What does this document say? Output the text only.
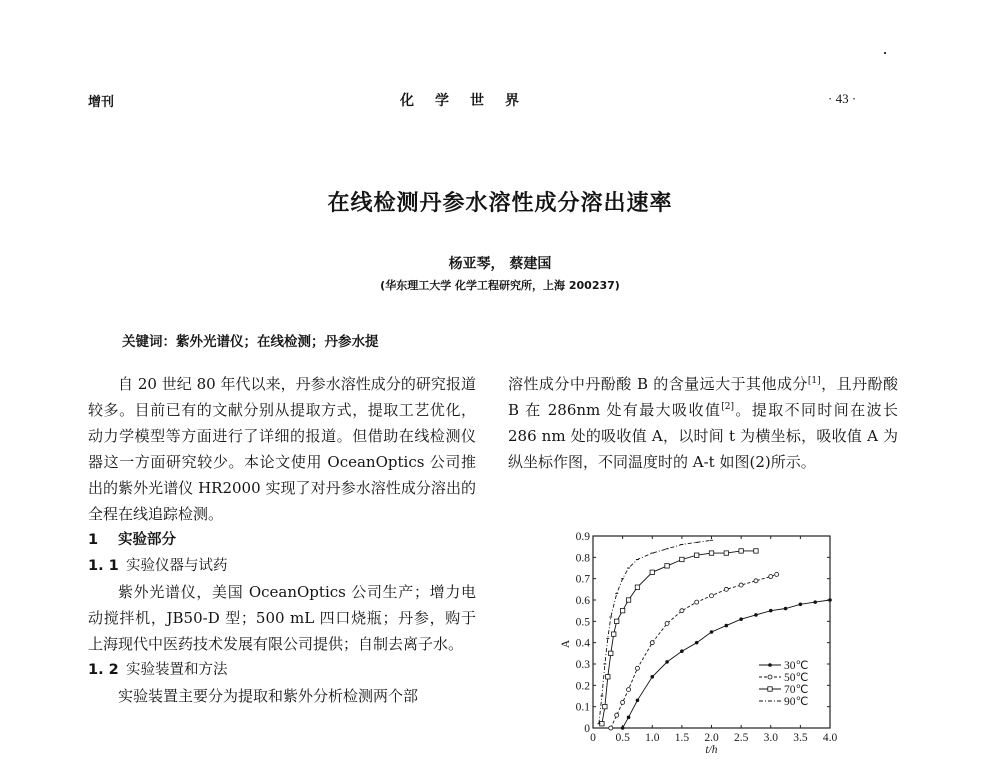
增刊	化学世界	· 43 ·
在线检测丹参水溶性成分溶出速率
杨亚琴， 蔡建国
(华东理工大学 化学工程研究所，上海 200237)
关键词：紫外光谱仪；在线检测；丹参水提

自 20 世纪 80 年代以来，丹参水溶性成分的研究报道较多。目前已有的文献分别从提取方式，提取工艺优化，动力学模型等方面进行了详细的报道。但借助在线检测仪器这一方面研究较少。本论文使用 OceanOptics 公司推出的紫外光谱仪 HR2000 实现了对丹参水溶性成分溶出的全程在线追踪检测。

1 实验部分
1. 1 实验仪器与试药

紫外光谱仪，美国 OceanOptics 公司生产；增力电动搅拌机，JB50-D 型；500 mL 四口烧瓶；丹参，购于上海现代中医药技术发展有限公司提供；自制去离子水。

1. 2 实验装置和方法

实验装置主要分为提取和紫外分析检测两个部

溶性成分中丹酚酸 B 的含量远大于其他成分[1]，且丹酚酸 B 在 286nm 处有最大吸收值[2]。提取不同时间在波长 286 nm 处的吸收值 A，以时间 t 为横坐标，吸收值 A 为纵坐标作图，不同温度时的 A-t 如图(2)所示。

0
0.1
0.2
0.3
0.4
0.5
0.6
0.7
0.8
0.9
0 0.5 1.0 1.5 2.0 2.5 3.0 3.5 4.0
t/h
A
30℃
50℃
70℃
90℃
